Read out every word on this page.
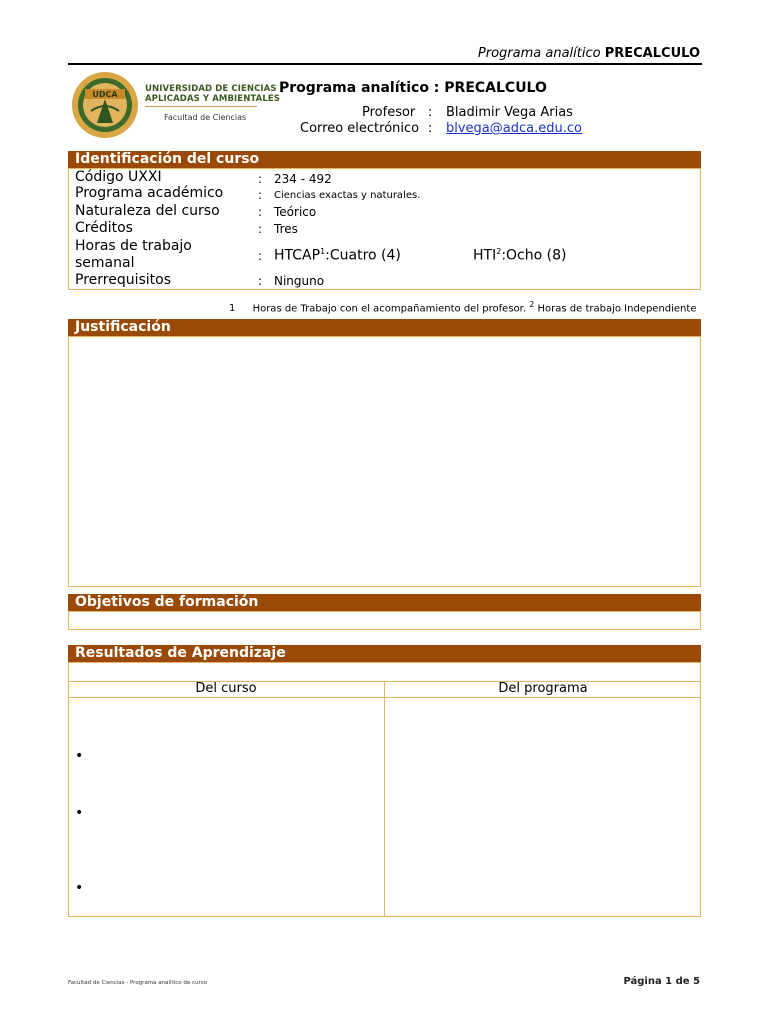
Programa analítico PRECALCULO
UDCA
UNIVERSIDAD DE CIENCIAS
APLICADAS Y AMBIENTALES
Facultad de Ciencias
Programa analítico : PRECALCULO
Profesor : Bladimir Vega Arias
Correo electrónico : blvega@adca.edu.co
Identificación del curso
Código UXXI	: 234 - 492
Programa académico	: Ciencias exactas y naturales.
Naturaleza del curso	: Teórico
Créditos	: Tres
Horas de trabajo
semanal	: HTCAP$^1$:Cuatro (4)	HTI$^2$:Ocho (8)
Prerrequisitos	: Ninguno
1 Horas de Trabajo con el acompañamiento del profesor. $^2$ Horas de trabajo Independiente
Justificación
Objetivos de formación
Resultados de Aprendizaje
Del curso	Del programa
•
•
•
Facultad de Ciencias - Programa analítico de curso	Página 1 de 5
